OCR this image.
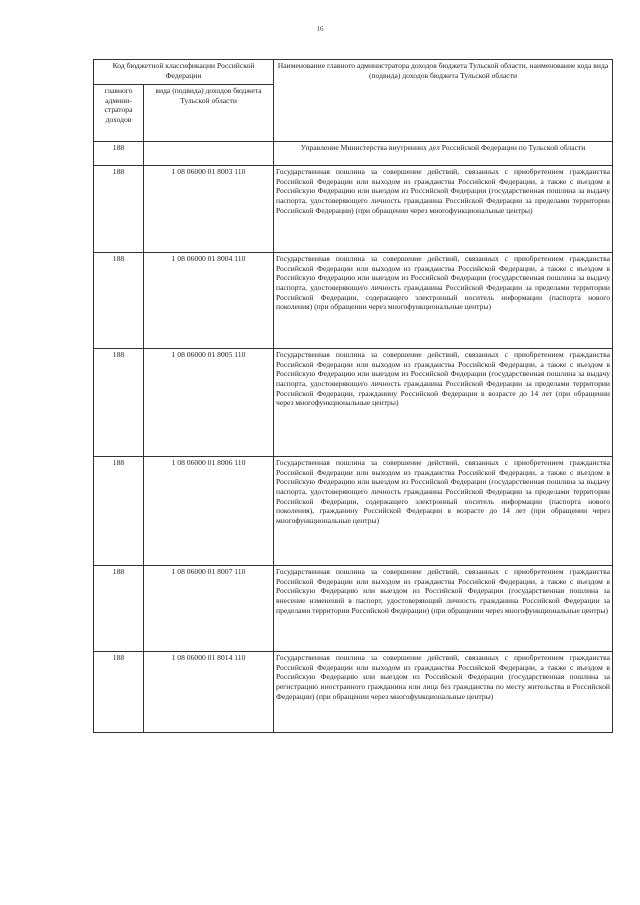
16
Код бюджетной классификации Российской Федерации		Наименование главного администратора доходов бюджета Тульской области, наименование кода вида (подвида) доходов бюджета Тульской области
главного админи-стратора доходов	вида (подвида) доходов бюджета Тульской области	
188		Управление Министерства внутренних дел Российской Федерации по Тульской области
188	1 08 06000 01 8003 110	Государственная пошлина за совершение действий, связанных с приобретением гражданства Российской Федерации или выходом из гражданства Российской Федерации, а также с въездом в Российскую Федерацию или выездом из Российской Федерации (государственная пошлина за выдачу паспорта, удостоверяющего личность гражданина Российской Федерации за пределами территории Российской Федерации) (при обращении через многофункциональные центры)
188	1 08 06000 01 8004 110	Государственная пошлина за совершение действий, связанных с приобретением гражданства Российской Федерации или выходом из гражданства Российской Федерации, а также с въездом в Российскую Федерацию или выездом из Российской Федерации (государственная пошлина за выдачу паспорта, удостоверяющего личность гражданина Российской Федерации за пределами территории Российской Федерации, содержащего электронный носитель информации (паспорта нового поколения) (при обращении через многофункциональные центры)
188	1 08 06000 01 8005 110	Государственная пошлина за совершение действий, связанных с приобретением гражданства Российской Федерации или выходом из гражданства Российской Федерации, а также с въездом в Российскую Федерацию или выездом из Российской Федерации (государственная пошлина за выдачу паспорта, удостоверяющего личность гражданина Российской Федерации за пределами территории Российской Федерации, гражданину Российской Федерации в возрасте до 14 лет (при обращении через многофункциональные центры)
188	1 08 06000 01 8006 110	Государственная пошлина за совершение действий, связанных с приобретением гражданства Российской Федерации или выходом из гражданства Российской Федерации, а также с въездом в Российскую Федерацию или выездом из Российской Федерации (государственная пошлина за выдачу паспорта, удостоверяющего личность гражданина Российской Федерации за пределами территории Российской Федерации, содержащего электронный носитель информации (паспорта нового поколения), гражданину Российской Федерации в возрасте до 14 лет (при обращении через многофункциональные центры)
188	1 08 06000 01 8007 110	Государственная пошлина за совершение действий, связанных с приобретением гражданства Российской Федерации или выходом из гражданства Российской Федерации, а также с въездом в Российскую Федерацию или выездом из Российской Федерации (государственная пошлина за внесение изменений в паспорт, удостоверяющий личность гражданина Российской Федерации за пределами территории Российской Федерации) (при обращении через многофункциональные центры)
188	1 08 06000 01 8014 110	Государственная пошлина за совершение действий, связанных с приобретением гражданства Российской Федерации или выходом из гражданства Российской Федерации, а также с въездом в Российскую Федерацию или выездом из Российской Федерации (государственная пошлина за регистрацию иностранного гражданина или лица без гражданства по месту жительства в Российской Федерации) (при обращении через многофункциональные центры)
